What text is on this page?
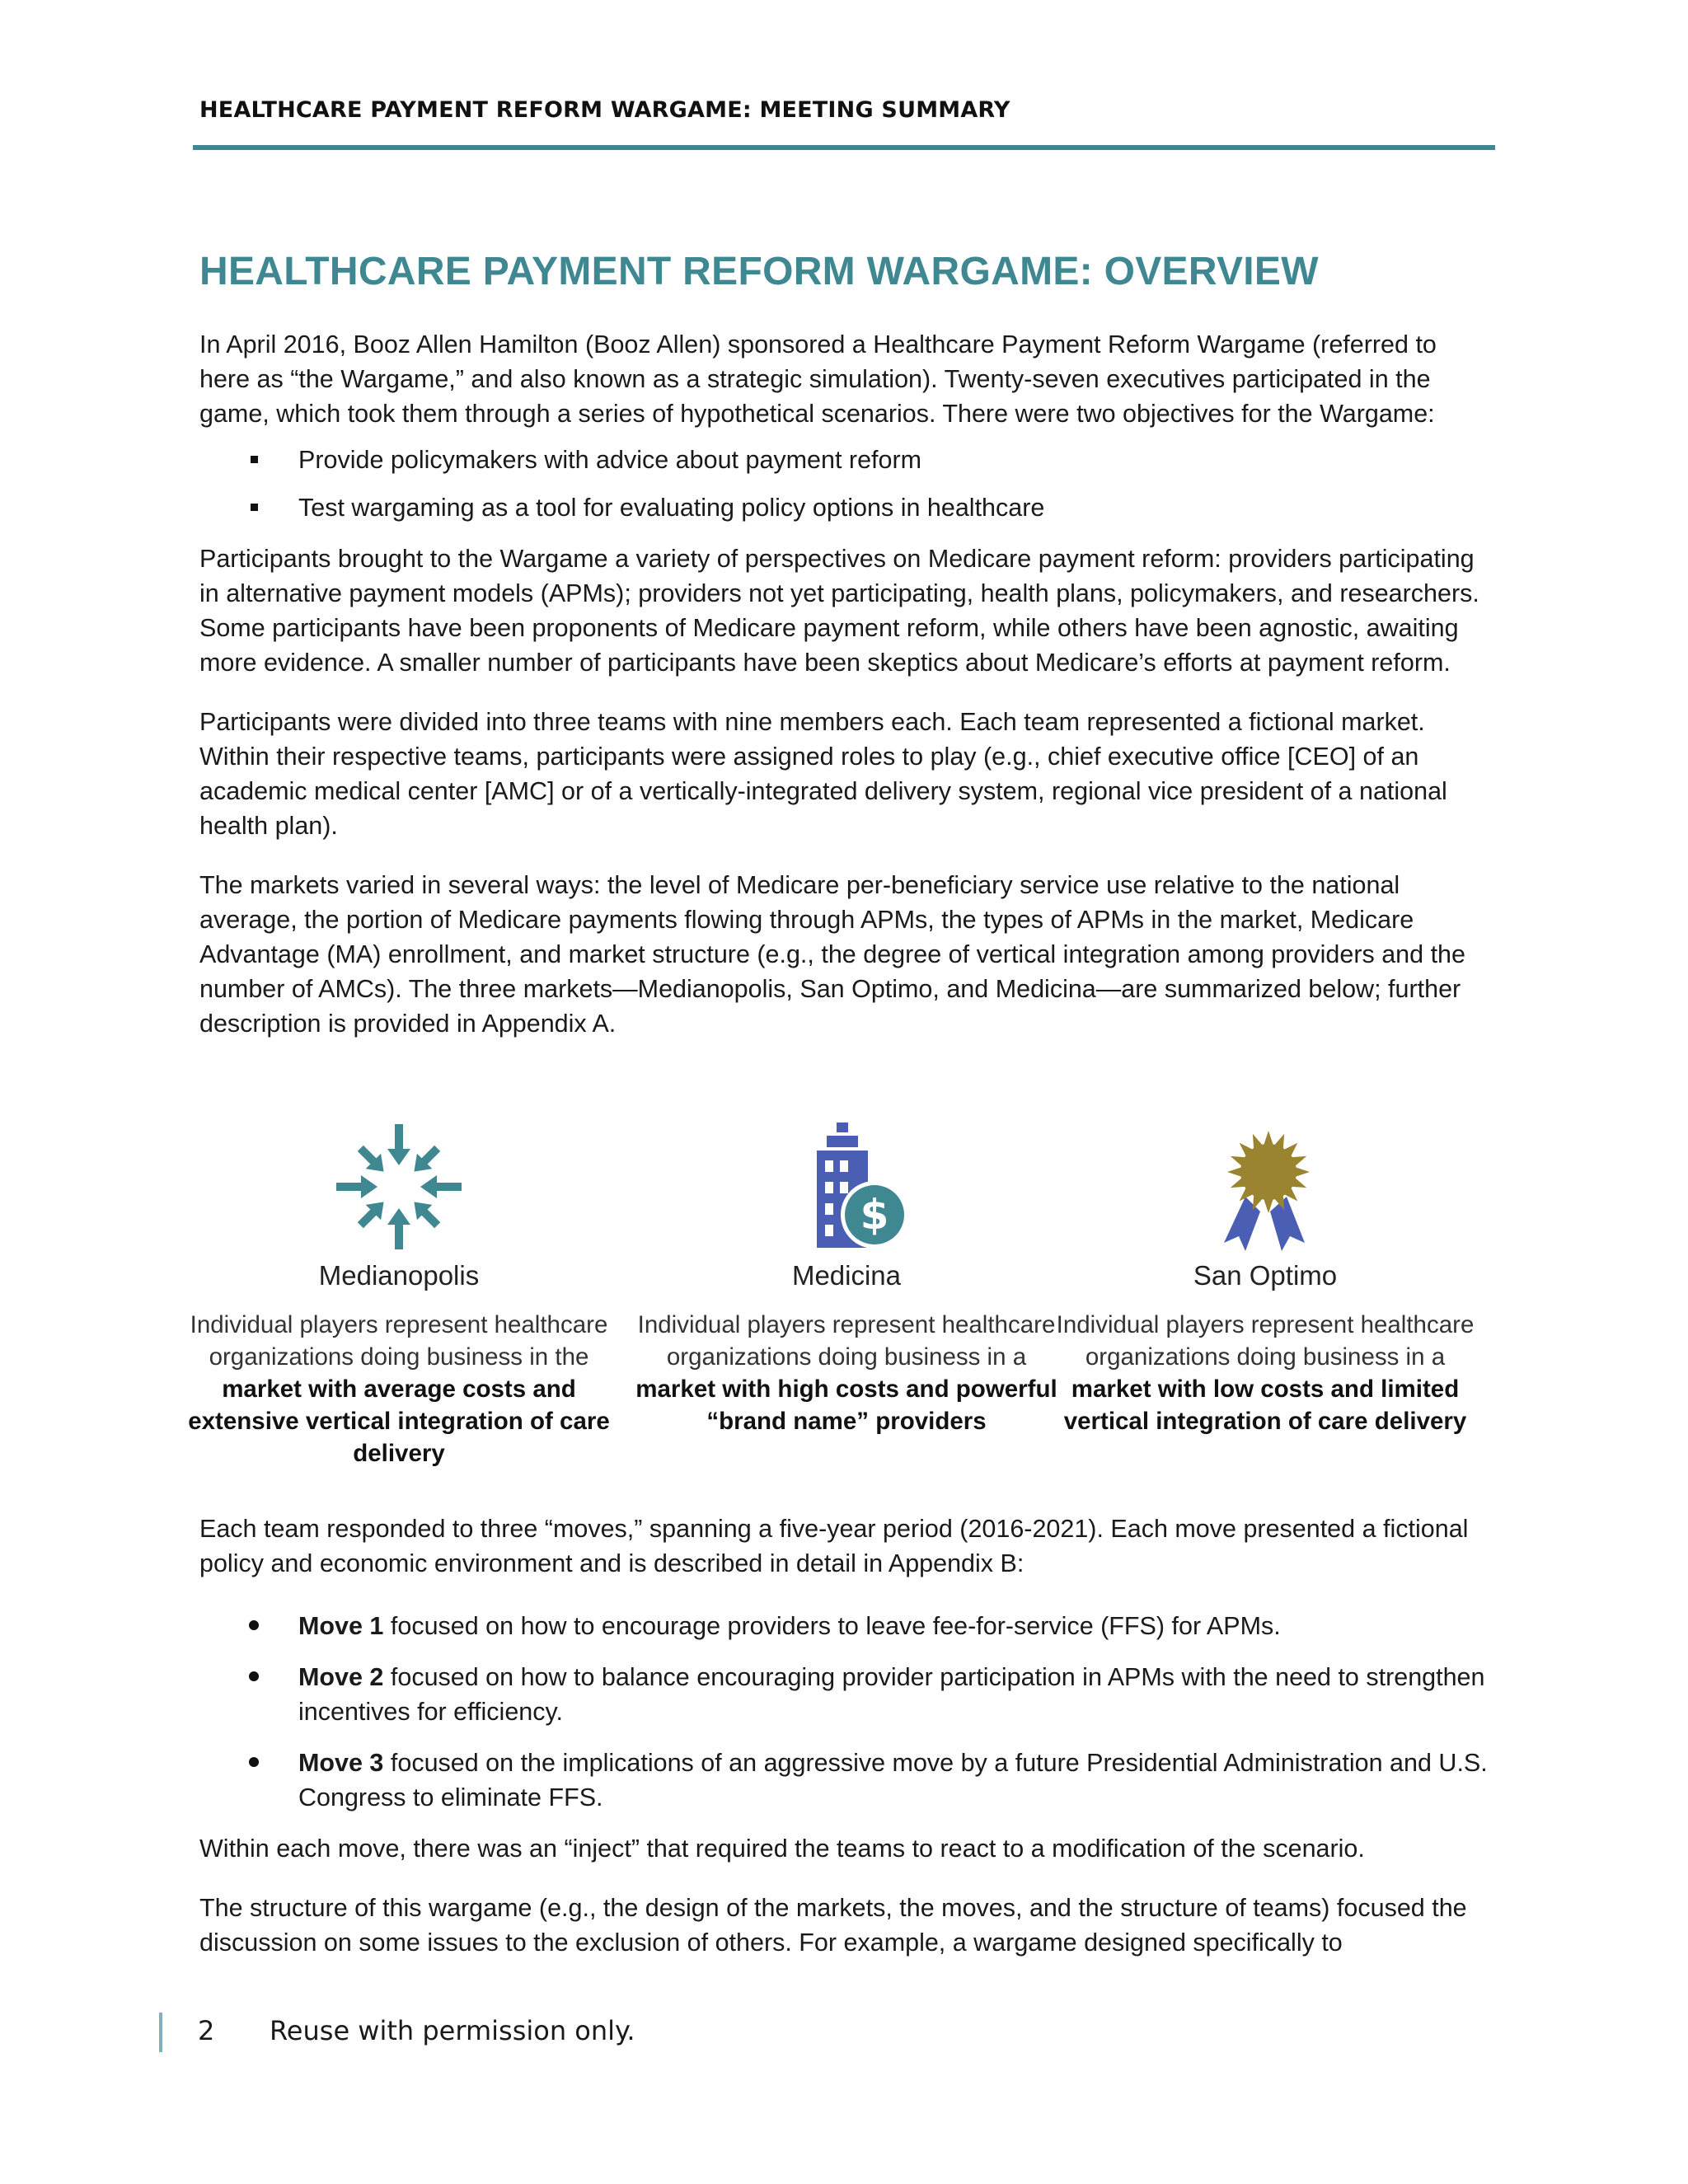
HEALTHCARE PAYMENT REFORM WARGAME: MEETING SUMMARY
HEALTHCARE PAYMENT REFORM WARGAME: OVERVIEW

In April 2016, Booz Allen Hamilton (Booz Allen) sponsored a Healthcare Payment Reform Wargame (referred to here as “the Wargame,” and also known as a strategic simulation). Twenty-seven executives participated in the game, which took them through a series of hypothetical scenarios. There were two objectives for the Wargame:

Provide policymakers with advice about payment reform
Test wargaming as a tool for evaluating policy options in healthcare

Participants brought to the Wargame a variety of perspectives on Medicare payment reform: providers participating in alternative payment models (APMs); providers not yet participating, health plans, policymakers, and researchers. Some participants have been proponents of Medicare payment reform, while others have been agnostic, awaiting more evidence. A smaller number of participants have been skeptics about Medicare’s efforts at payment reform.

Participants were divided into three teams with nine members each. Each team represented a fictional market. Within their respective teams, participants were assigned roles to play (e.g., chief executive office [CEO] of an academic medical center [AMC] or of a vertically-integrated delivery system, regional vice president of a national health plan).

The markets varied in several ways: the level of Medicare per-beneficiary service use relative to the national average, the portion of Medicare payments flowing through APMs, the types of APMs in the market, Medicare Advantage (MA) enrollment, and market structure (e.g., the degree of vertical integration among providers and the number of AMCs). The three markets—Medianopolis, San Optimo, and Medicina—are summarized below; further description is provided in Appendix A.

Medianopolis
Individual players represent healthcare organizations doing business in the market with average costs and extensive vertical integration of care delivery
$
Medicina
Individual players represent healthcare organizations doing business in a market with high costs and powerful “brand name” providers
San Optimo
Individual players represent healthcare organizations doing business in a market with low costs and limited vertical integration of care delivery

Each team responded to three “moves,” spanning a five-year period (2016-2021). Each move presented a fictional policy and economic environment and is described in detail in Appendix B:

Move 1 focused on how to encourage providers to leave fee-for-service (FFS) for APMs.
Move 2 focused on how to balance encouraging provider participation in APMs with the need to strengthen incentives for efficiency.
Move 3 focused on the implications of an aggressive move by a future Presidential Administration and U.S. Congress to eliminate FFS.

Within each move, there was an “inject” that required the teams to react to a modification of the scenario.

The structure of this wargame (e.g., the design of the markets, the moves, and the structure of teams) focused the discussion on some issues to the exclusion of others. For example, a wargame designed specifically to

2 Reuse with permission only.
